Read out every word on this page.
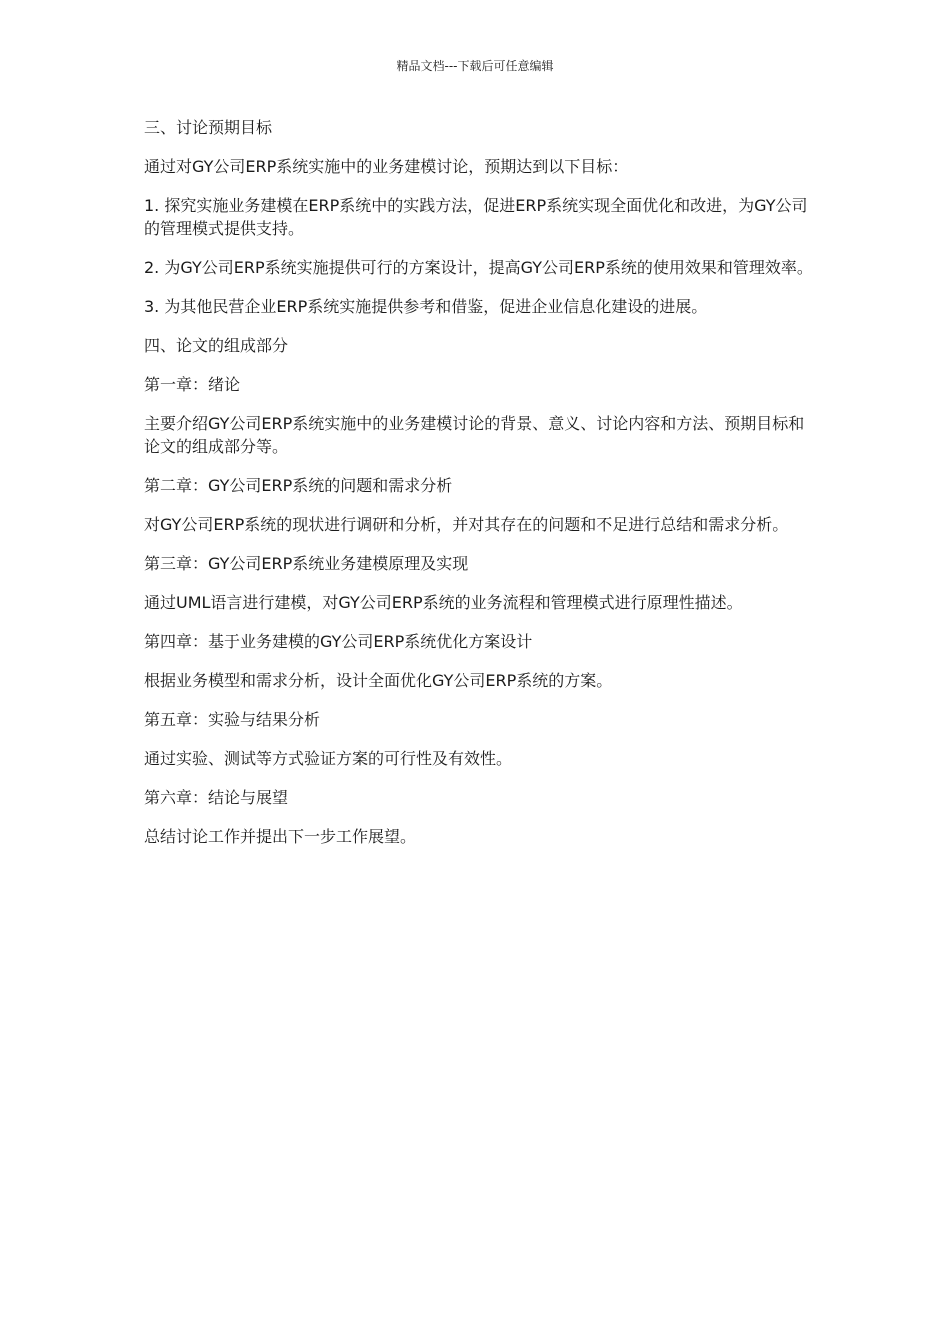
精品文档---下载后可任意编辑

三、讨论预期目标

通过对GY公司ERP系统实施中的业务建模讨论，预期达到以下目标：

1. 探究实施业务建模在ERP系统中的实践方法，促进ERP系统实现全面优化和改进，为GY公司的管理模式提供支持。

2. 为GY公司ERP系统实施提供可行的方案设计，提高GY公司ERP系统的使用效果和管理效率。

3. 为其他民营企业ERP系统实施提供参考和借鉴，促进企业信息化建设的进展。

四、论文的组成部分

第一章：绪论

主要介绍GY公司ERP系统实施中的业务建模讨论的背景、意义、讨论内容和方法、预期目标和论文的组成部分等。

第二章：GY公司ERP系统的问题和需求分析

对GY公司ERP系统的现状进行调研和分析，并对其存在的问题和不足进行总结和需求分析。

第三章：GY公司ERP系统业务建模原理及实现

通过UML语言进行建模，对GY公司ERP系统的业务流程和管理模式进行原理性描述。

第四章：基于业务建模的GY公司ERP系统优化方案设计

根据业务模型和需求分析，设计全面优化GY公司ERP系统的方案。

第五章：实验与结果分析

通过实验、测试等方式验证方案的可行性及有效性。

第六章：结论与展望

总结讨论工作并提出下一步工作展望。
